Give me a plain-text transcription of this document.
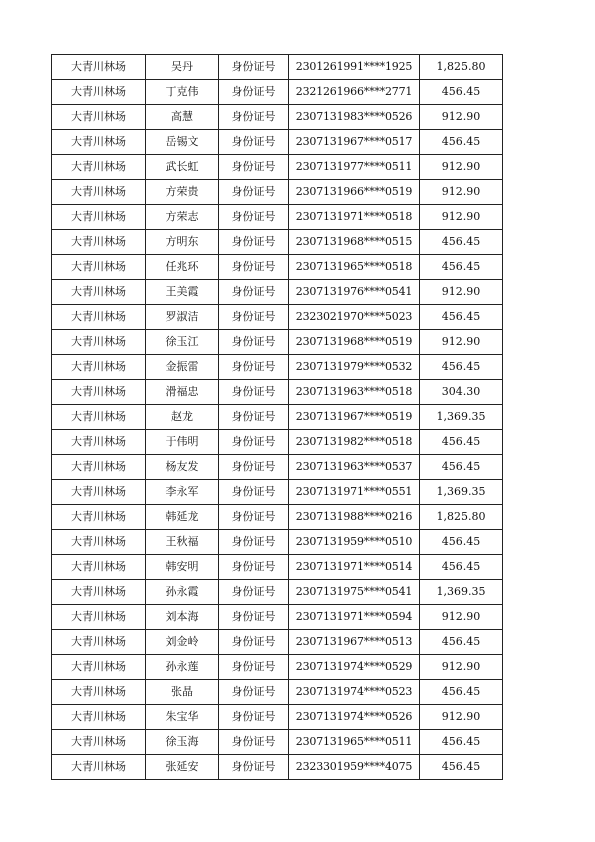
大青川林场	吴丹	身份证号	2301261991****1925	1,825.80
大青川林场	丁克伟	身份证号	2321261966****2771	456.45
大青川林场	高慧	身份证号	2307131983****0526	912.90
大青川林场	岳锡文	身份证号	2307131967****0517	456.45
大青川林场	武长虹	身份证号	2307131977****0511	912.90
大青川林场	方荣贵	身份证号	2307131966****0519	912.90
大青川林场	方荣志	身份证号	2307131971****0518	912.90
大青川林场	方明东	身份证号	2307131968****0515	456.45
大青川林场	任兆环	身份证号	2307131965****0518	456.45
大青川林场	王美霞	身份证号	2307131976****0541	912.90
大青川林场	罗淑洁	身份证号	2323021970****5023	456.45
大青川林场	徐玉江	身份证号	2307131968****0519	912.90
大青川林场	金振雷	身份证号	2307131979****0532	456.45
大青川林场	滑福忠	身份证号	2307131963****0518	304.30
大青川林场	赵龙	身份证号	2307131967****0519	1,369.35
大青川林场	于伟明	身份证号	2307131982****0518	456.45
大青川林场	杨友发	身份证号	2307131963****0537	456.45
大青川林场	李永军	身份证号	2307131971****0551	1,369.35
大青川林场	韩延龙	身份证号	2307131988****0216	1,825.80
大青川林场	王秋福	身份证号	2307131959****0510	456.45
大青川林场	韩安明	身份证号	2307131971****0514	456.45
大青川林场	孙永霞	身份证号	2307131975****0541	1,369.35
大青川林场	刘本海	身份证号	2307131971****0594	912.90
大青川林场	刘金岭	身份证号	2307131967****0513	456.45
大青川林场	孙永莲	身份证号	2307131974****0529	912.90
大青川林场	张晶	身份证号	2307131974****0523	456.45
大青川林场	朱宝华	身份证号	2307131974****0526	912.90
大青川林场	徐玉海	身份证号	2307131965****0511	456.45
大青川林场	张延安	身份证号	2323301959****4075	456.45
